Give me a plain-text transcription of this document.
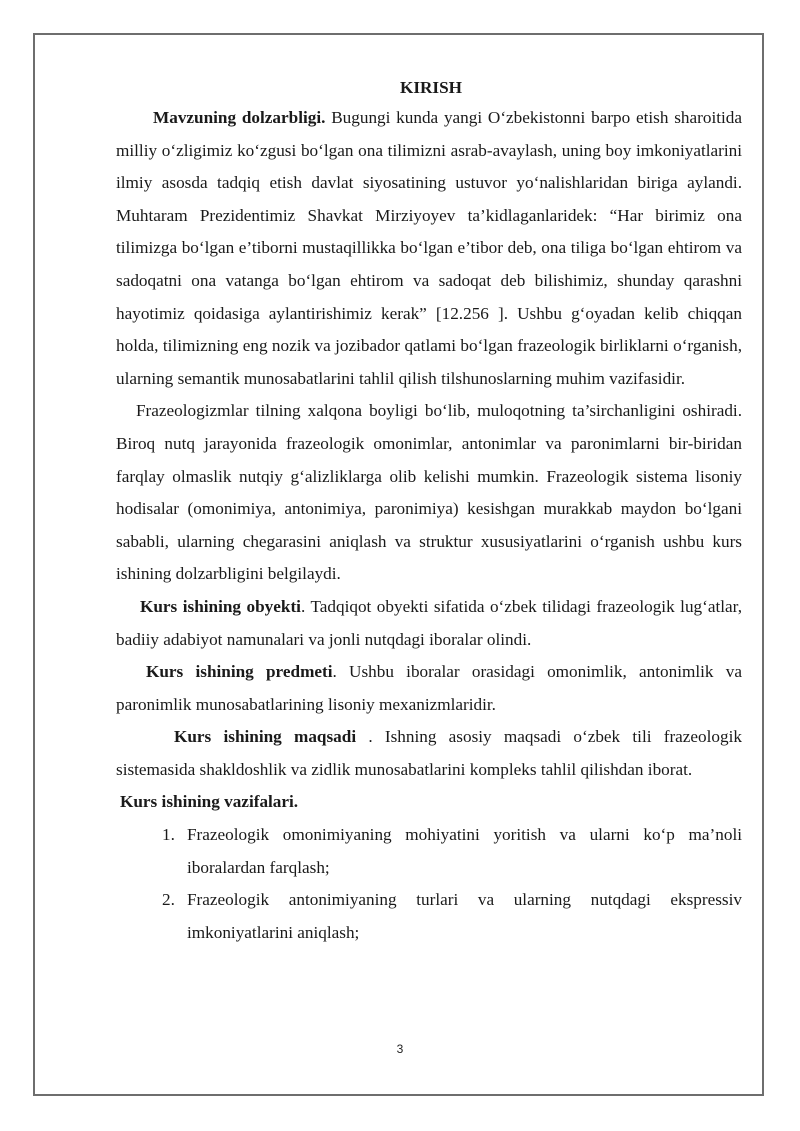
KIRISH

Mavzuning dolzarbligi. Bugungi kunda yangi O‘zbekistonni barpo etish sharoitida milliy o‘zligimiz ko‘zgusi bo‘lgan ona tilimizni asrab-avaylash, uning boy imkoniyatlarini ilmiy asosda tadqiq etish davlat siyosatining ustuvor yo‘nalishlaridan biriga aylandi. Muhtaram Prezidentimiz Shavkat Mirziyoyev ta’kidlaganlaridek: “Har birimiz ona tilimizga bo‘lgan e’tiborni mustaqillikka bo‘lgan e’tibor deb, ona tiliga bo‘lgan ehtirom va sadoqatni ona vatanga bo‘lgan ehtirom va sadoqat deb bilishimiz, shunday qarashni hayotimiz qoidasiga aylantirishimiz kerak” [12.256 ]. Ushbu g‘oyadan kelib chiqqan holda, tilimizning eng nozik va jozibador qatlami bo‘lgan frazeologik birliklarni o‘rganish, ularning semantik munosabatlarini tahlil qilish tilshunoslarning muhim vazifasidir.

Frazeologizmlar tilning xalqona boyligi bo‘lib, muloqotning ta’sirchanligini oshiradi. Biroq nutq jarayonida frazeologik omonimlar, antonimlar va paronimlarni bir-biridan farqlay olmaslik nutqiy g‘alizliklarga olib kelishi mumkin. Frazeologik sistema lisoniy hodisalar (omonimiya, antonimiya, paronimiya) kesishgan murakkab maydon bo‘lgani sababli, ularning chegarasini aniqlash va struktur xususiyatlarini o‘rganish ushbu kurs ishining dolzarbligini belgilaydi.

Kurs ishining obyekti. Tadqiqot obyekti sifatida o‘zbek tilidagi frazeologik lug‘atlar, badiiy adabiyot namunalari va jonli nutqdagi iboralar olindi.

Kurs ishining predmeti. Ushbu iboralar orasidagi omonimlik, antonimlik va paronimlik munosabatlarining lisoniy mexanizmlaridir.

Kurs ishining maqsadi . Ishning asosiy maqsadi o‘zbek tili frazeologik sistemasida shakldoshlik va zidlik munosabatlarini kompleks tahlil qilishdan iborat.

Kurs ishining vazifalari.

1. Frazeologik omonimiyaning mohiyatini yoritish va ularni ko‘p ma’noli iboralardan farqlash;
2. Frazeologik antonimiyaning turlari va ularning nutqdagi ekspressiv imkoniyatlarini aniqlash;
3
